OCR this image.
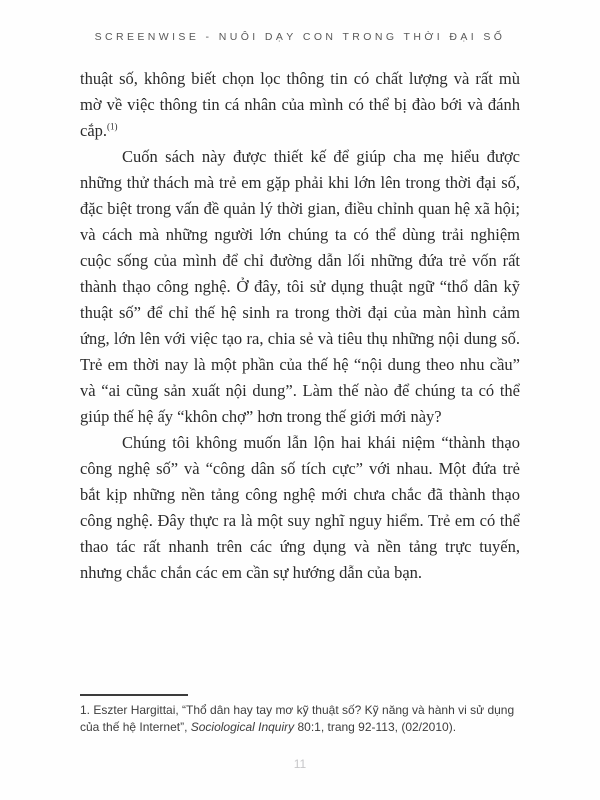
SCREENWISE - NUÔI DẠY CON TRONG THỜI ĐẠI SỐ

thuật số, không biết chọn lọc thông tin có chất lượng và rất mù mờ về việc thông tin cá nhân của mình có thể bị đào bới và đánh cắp.$^{(1)}$

Cuốn sách này được thiết kế để giúp cha mẹ hiểu được những thử thách mà trẻ em gặp phải khi lớn lên trong thời đại số, đặc biệt trong vấn đề quản lý thời gian, điều chỉnh quan hệ xã hội; và cách mà những người lớn chúng ta có thể dùng trải nghiệm cuộc sống của mình để chỉ đường dẫn lối những đứa trẻ vốn rất thành thạo công nghệ. Ở đây, tôi sử dụng thuật ngữ “thổ dân kỹ thuật số” để chỉ thế hệ sinh ra trong thời đại của màn hình cảm ứng, lớn lên với việc tạo ra, chia sẻ và tiêu thụ những nội dung số. Trẻ em thời nay là một phần của thế hệ “nội dung theo nhu cầu” và “ai cũng sản xuất nội dung”. Làm thế nào để chúng ta có thể giúp thế hệ ấy “khôn chợ” hơn trong thế giới mới này?

Chúng tôi không muốn lẫn lộn hai khái niệm “thành thạo công nghệ số” và “công dân số tích cực” với nhau. Một đứa trẻ bắt kịp những nền tảng công nghệ mới chưa chắc đã thành thạo công nghệ. Đây thực ra là một suy nghĩ nguy hiểm. Trẻ em có thể thao tác rất nhanh trên các ứng dụng và nền tảng trực tuyến, nhưng chắc chắn các em cần sự hướng dẫn của bạn.

1. Eszter Hargittai, “Thổ dân hay tay mơ kỹ thuật số? Kỹ năng và hành vi sử dụng của thế hệ Internet”, Sociological Inquiry 80:1, trang 92-113, (02/2010).

11
